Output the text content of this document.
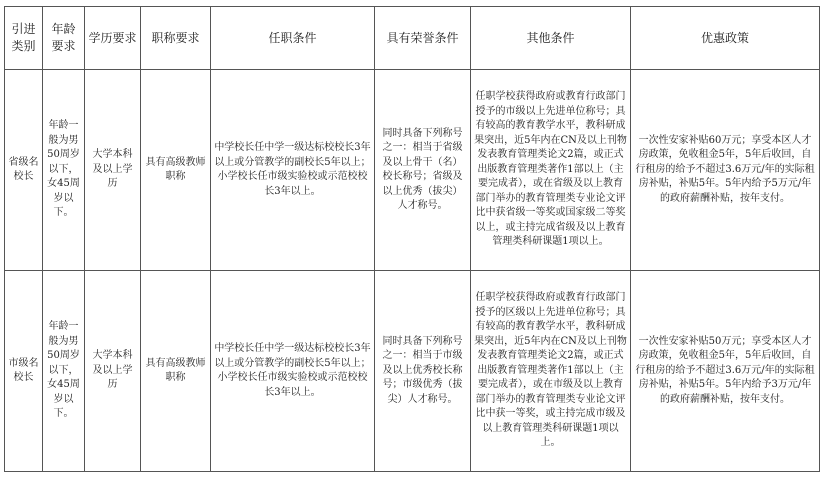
引进类别	年龄要求	学历要求	职称要求	任职条件	具有荣誉条件	其他条件	优惠政策
省级名校长	年龄一般为男50周岁以下，女45周岁以下。	大学本科及以上学历	具有高级教师职称	中学校长任中学一级达标校校长3年以上或分管教学的副校长5年以上；小学校长任市级实验校或示范校校长3年以上。	同时具备下列称号之一：相当于省级及以上骨干（名）校长称号；省级及以上优秀（拔尖）人才称号。	任职学校获得政府或教育行政部门授予的市级以上先进单位称号；具有较高的教育教学水平，教科研成果突出，近5年内在CN及以上刊物发表教育管理类论文2篇，或正式出版教育管理类著作1部以上（主要完成者），或在省级及以上教育部门举办的教育管理类专业论文评比中获省级一等奖或国家级二等奖以上，或主持完成省级及以上教育管理类科研课题1项以上。	一次性安家补贴60万元；享受本区人才房政策，免收租金5年，5年后收回，自行租房的给予不超过3.6万元/年的实际租房补贴，补贴5年。5年内给予5万元/年的政府薪酬补贴，按年支付。
市级名校长	年龄一般为男50周岁以下，女45周岁以下。	大学本科及以上学历	具有高级教师职称	中学校长任中学一级达标校校长3年以上或分管教学的副校长5年以上；小学校长任市级实验校或示范校校长3年以上。	同时具备下列称号之一：相当于市级及以上优秀校长称号；市级优秀（拔尖）人才称号。	任职学校获得政府或教育行政部门授予的区级以上先进单位称号；具有较高的教育教学水平，教科研成果突出，近5年内在CN及以上刊物发表教育管理类论文2篇，或正式出版教育管理类著作1部以上（主要完成者），或在市级及以上教育部门举办的教育管理类专业论文评比中获一等奖，或主持完成市级及以上教育管理类科研课题1项以上。	一次性安家补贴50万元；享受本区人才房政策，免收租金5年，5年后收回，自行租房的给予不超过3.6万元/年的实际租房补贴，补贴5年。5年内给予3万元/年的政府薪酬补贴，按年支付。
